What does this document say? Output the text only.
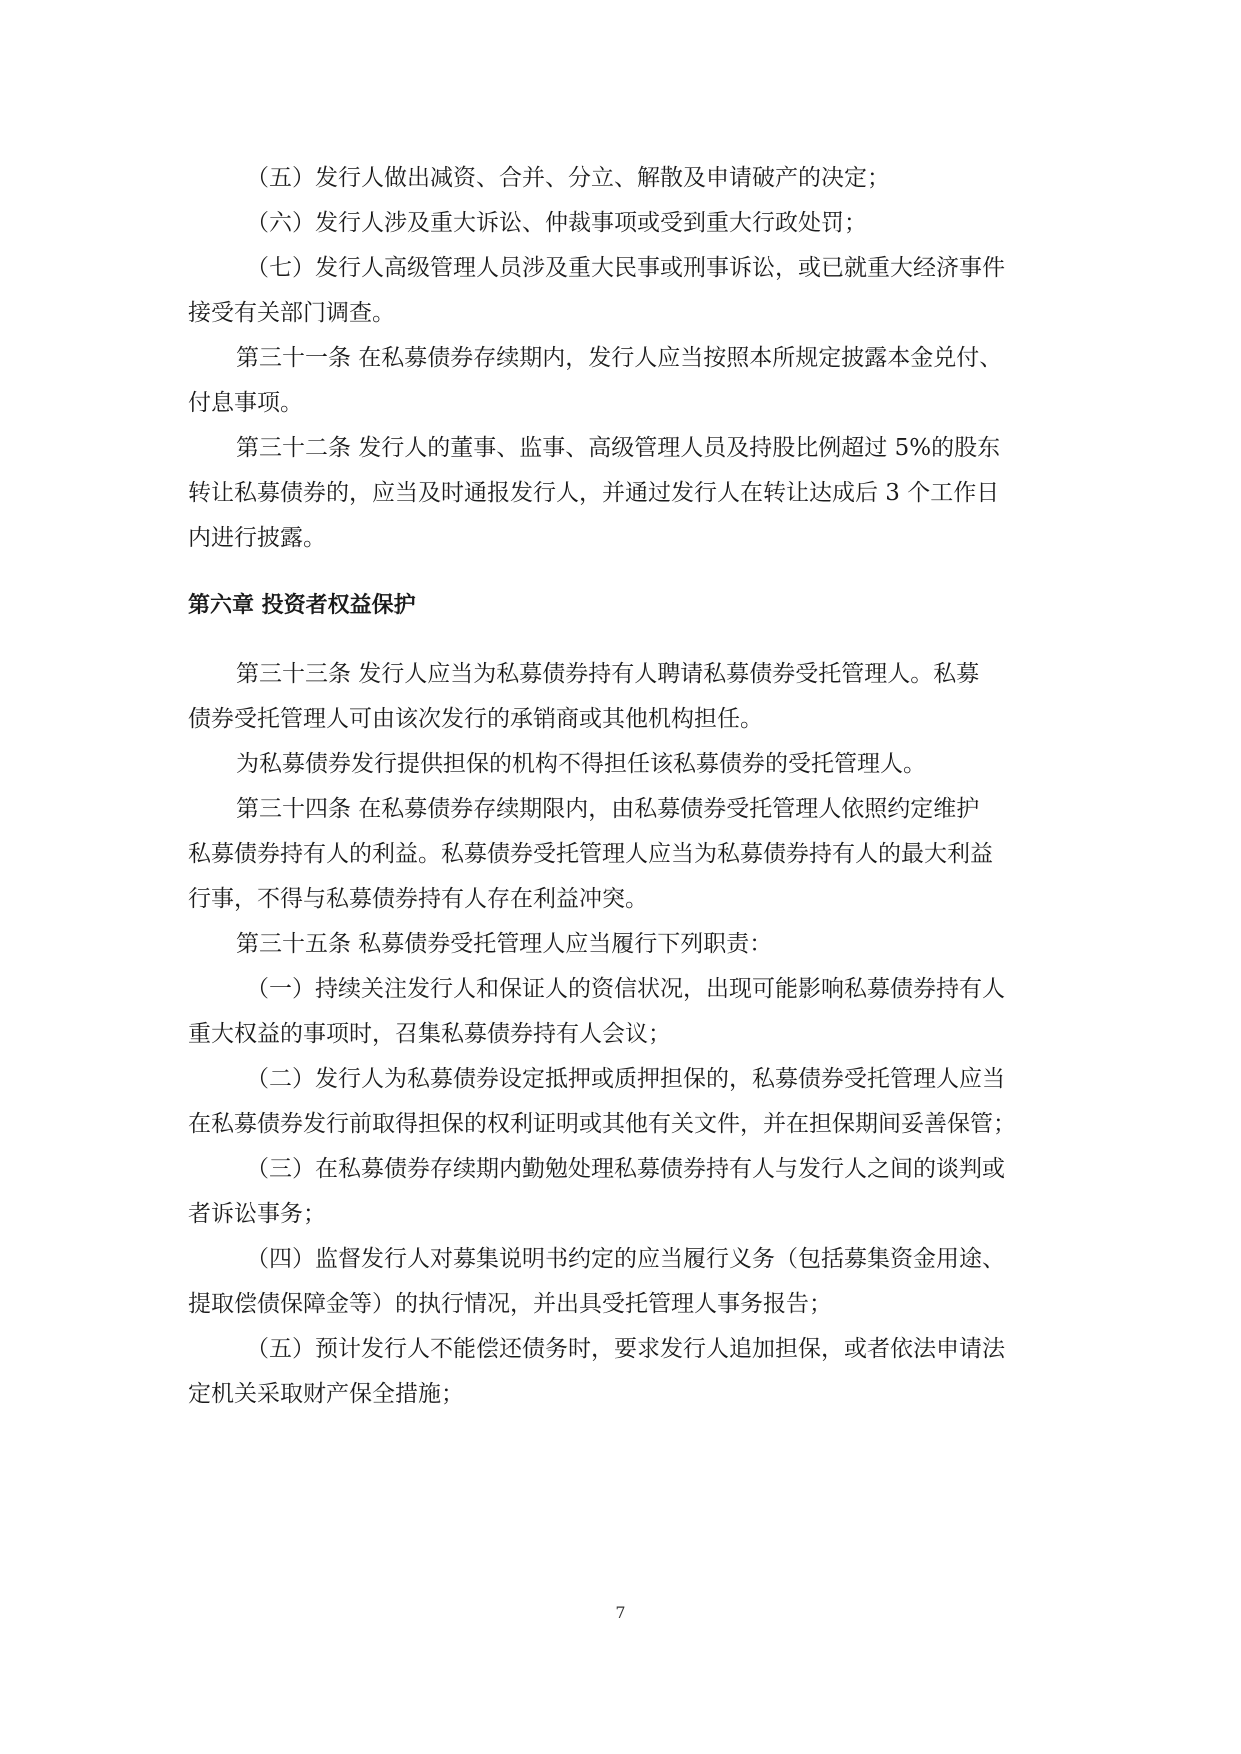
（五）发行人做出减资、合并、分立、解散及申请破产的决定；

（六）发行人涉及重大诉讼、仲裁事项或受到重大行政处罚；

（七）发行人高级管理人员涉及重大民事或刑事诉讼，或已就重大经济事件
接受有关部门调查。

第三十一条 在私募债券存续期内，发行人应当按照本所规定披露本金兑付、
付息事项。

第三十二条 发行人的董事、监事、高级管理人员及持股比例超过 5%的股东
转让私募债券的，应当及时通报发行人，并通过发行人在转让达成后 3 个工作日
内进行披露。

第六章 投资者权益保护

第三十三条 发行人应当为私募债券持有人聘请私募债券受托管理人。私募
债券受托管理人可由该次发行的承销商或其他机构担任。

为私募债券发行提供担保的机构不得担任该私募债券的受托管理人。

第三十四条 在私募债券存续期限内，由私募债券受托管理人依照约定维护
私募债券持有人的利益。私募债券受托管理人应当为私募债券持有人的最大利益
行事，不得与私募债券持有人存在利益冲突。

第三十五条 私募债券受托管理人应当履行下列职责：

（一）持续关注发行人和保证人的资信状况，出现可能影响私募债券持有人
重大权益的事项时，召集私募债券持有人会议；

（二）发行人为私募债券设定抵押或质押担保的，私募债券受托管理人应当
在私募债券发行前取得担保的权利证明或其他有关文件，并在担保期间妥善保管；

（三）在私募债券存续期内勤勉处理私募债券持有人与发行人之间的谈判或
者诉讼事务；

（四）监督发行人对募集说明书约定的应当履行义务（包括募集资金用途、
提取偿债保障金等）的执行情况，并出具受托管理人事务报告；

（五）预计发行人不能偿还债务时，要求发行人追加担保，或者依法申请法
定机关采取财产保全措施；

7
